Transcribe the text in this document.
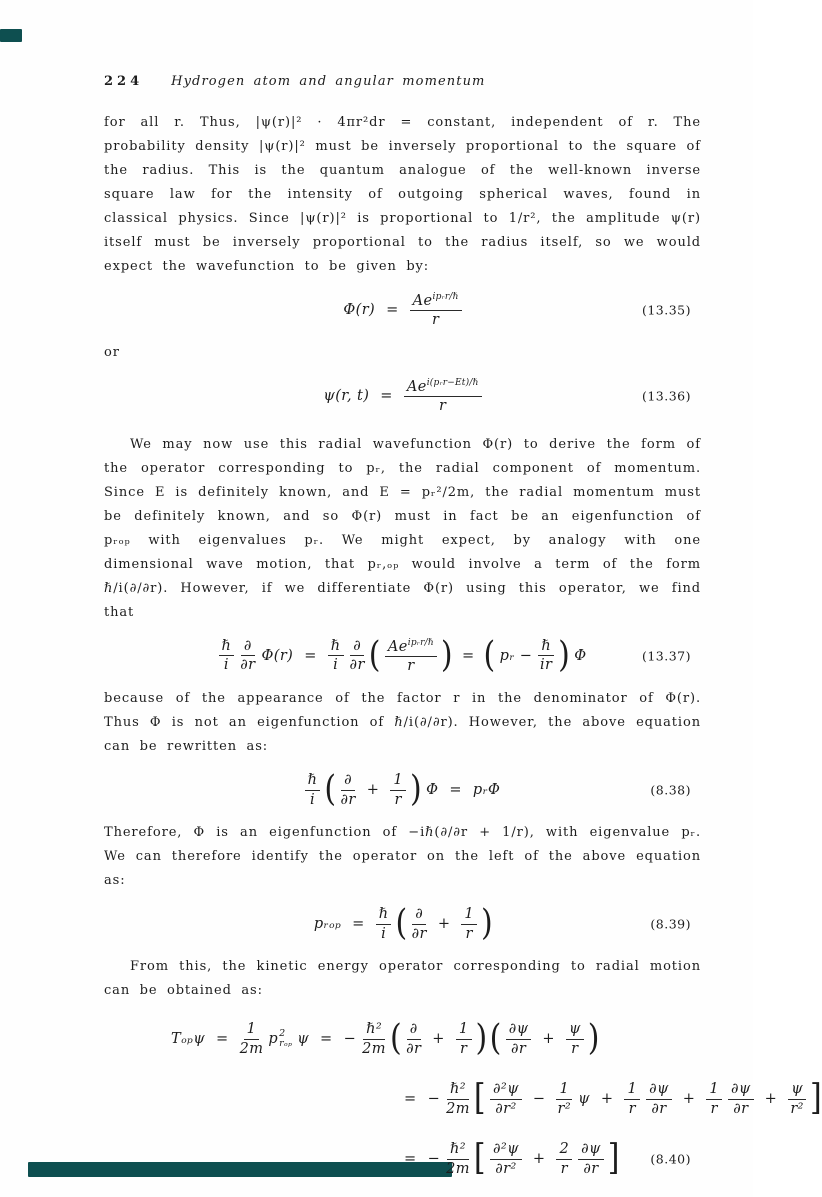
224 Hydrogen atom and angular momentum

for all r. Thus, |ψ(r)|² · 4πr²dr = constant, independent of r. The probability density |ψ(r)|² must be inversely proportional to the square of the radius. This is the quantum analogue of the well-known inverse square law for the intensity of outgoing spherical waves, found in classical physics. Since |ψ(r)|² is proportional to 1/r², the amplitude ψ(r) itself must be inversely proportional to the radius itself, so we would expect the wavefunction to be given by:

$\Phi(r) = \frac{Ae^{ipᵣr/\hbar}}{r}$	(13.35)

or

ψ(r, $t) = \frac{Ae^{i(pᵣr-Et)/\hbar}}{r}$	(13.36)

We may now use this radial wavefunction Φ(r) to derive the form of the operator corresponding to pᵣ, the radial component of momentum. Since E is definitely known, and E = pᵣ²/2m, the radial momentum must be definitely known, and so Φ(r) must in fact be an eigenfunction of pᵣₒₚ with eigenvalues pᵣ. We might expect, by analogy with one dimensional wave motion, that pᵣ,ₒₚ would involve a term of the form ℏ/i(∂/∂r). However, if we differentiate Φ(r) using this operator, we find that

$\frac{\text{ℏ}}{i} \frac{\partial}{\partial r} \Phi(r) = \frac{\text{ℏ}}{i} \frac{\partial}{\partial r}$ ( $\frac{Ae^{ipᵣr/\hbar}}{r}$ ) = ( pᵣ − $\frac{\text{ℏ}}{ir}$ ) Φ	(13.37)

because of the appearance of the factor r in the denominator of Φ(r). Thus Φ is not an eigenfunction of ℏ/i(∂/∂r). However, the above equation can be rewritten as:

$\frac{\text{ℏ}}{i}$ ( $\frac{\partial}{\partial r} + \frac{1}{r}$ ) Φ = pᵣΦ	(8.38)

Therefore, Φ is an eigenfunction of −iℏ(∂/∂r + 1/r), with eigenvalue pᵣ. We can therefore identify the operator on the left of the above equation as:

pᵣₒₚ = $\frac{\text{ℏ}}{i}$ ( $\frac{\partial}{\partial r} + \frac{1}{r}$ )	(8.39)

From this, the kinetic energy operator corresponding to radial motion can be obtained as:

$T_{op}\psi = \frac{1}{2m}$ p 2
rₒₚ ψ = − $\frac{\text{ℏ²}}{2m}$ ( $\frac{\partial}{\partial r} + \frac{1}{r}$ ) ( $\frac{\partial\psi}{\partial r} + \frac{\psi}{r}$ )
= − $\frac{\text{ℏ²}}{2m}$ [ $\frac{\text{∂²ψ}}{\text{∂r²}} - \frac{1}{\text{r²}}$ $\psi + \frac{1}{r} \frac{\partial\psi}{\partial r} + \frac{1}{r} \frac{\partial\psi}{\partial r} + \frac{\psi}{\text{r²}}$ ]
= − $\frac{\text{ℏ²}}{2m}$ [ $\frac{\text{∂²ψ}}{\text{∂r²}} + \frac{2}{r} \frac{\partial\psi}{\partial r}$ ] (8.40)
